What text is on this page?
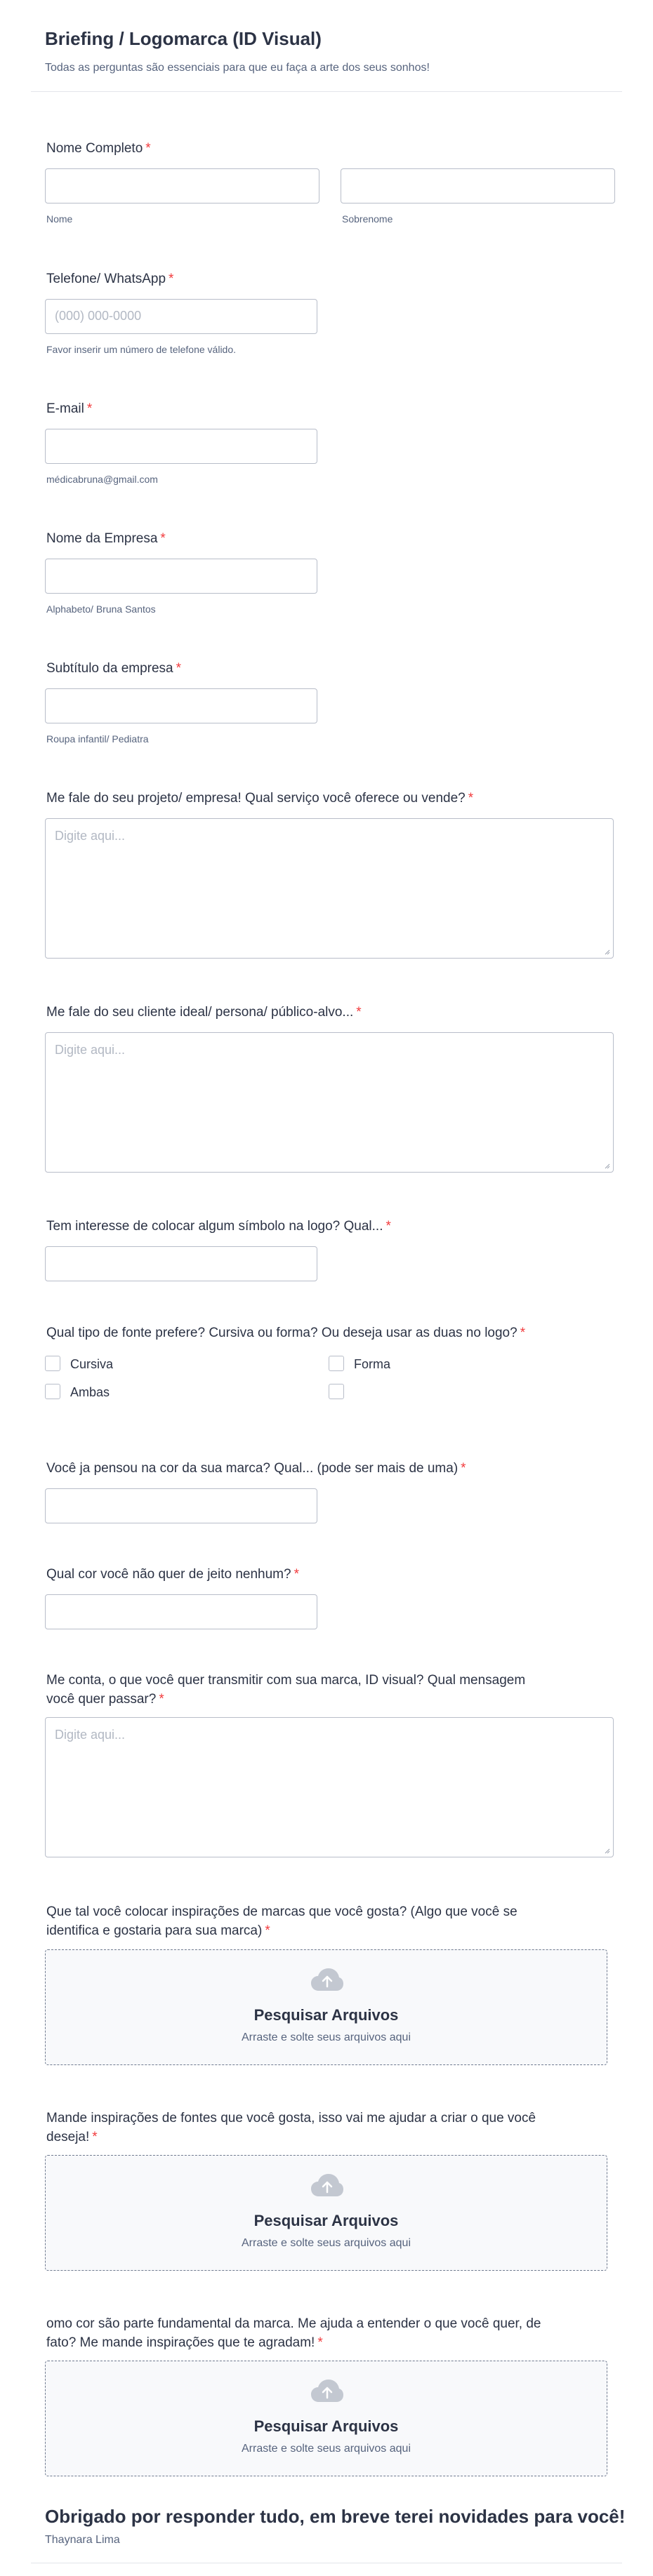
Briefing / Logomarca (ID Visual)
Todas as perguntas são essenciais para que eu faça a arte dos seus sonhos!
Nome Completo *
Nome	Sobrenome
Telefone/ WhatsApp *
(000) 000-0000
Favor inserir um número de telefone válido.
E-mail *
médicabruna@gmail.com
Nome da Empresa *
Alphabeto/ Bruna Santos
Subtítulo da empresa *
Roupa infantil/ Pediatra
Me fale do seu projeto/ empresa! Qual serviço você oferece ou vende? *
Digite aqui...
Me fale do seu cliente ideal/ persona/ público-alvo... *
Digite aqui...
Tem interesse de colocar algum símbolo na logo? Qual... *
Qual tipo de fonte prefere? Cursiva ou forma? Ou deseja usar as duas no logo? *
Cursiva	Forma
Ambas
Você ja pensou na cor da sua marca? Qual... (pode ser mais de uma) *
Qual cor você não quer de jeito nenhum? *
Me conta, o que você quer transmitir com sua marca, ID visual? Qual mensagem
você quer passar? *
Digite aqui...
Que tal você colocar inspirações de marcas que você gosta? (Algo que você se
identifica e gostaria para sua marca) *
Pesquisar Arquivos
Arraste e solte seus arquivos aqui
Mande inspirações de fontes que você gosta, isso vai me ajudar a criar o que você
deseja! *
Pesquisar Arquivos
Arraste e solte seus arquivos aqui
omo cor são parte fundamental da marca. Me ajuda a entender o que você quer, de
fato? Me mande inspirações que te agradam! *
Pesquisar Arquivos
Arraste e solte seus arquivos aqui
Obrigado por responder tudo, em breve terei novidades para você!
Thaynara Lima
